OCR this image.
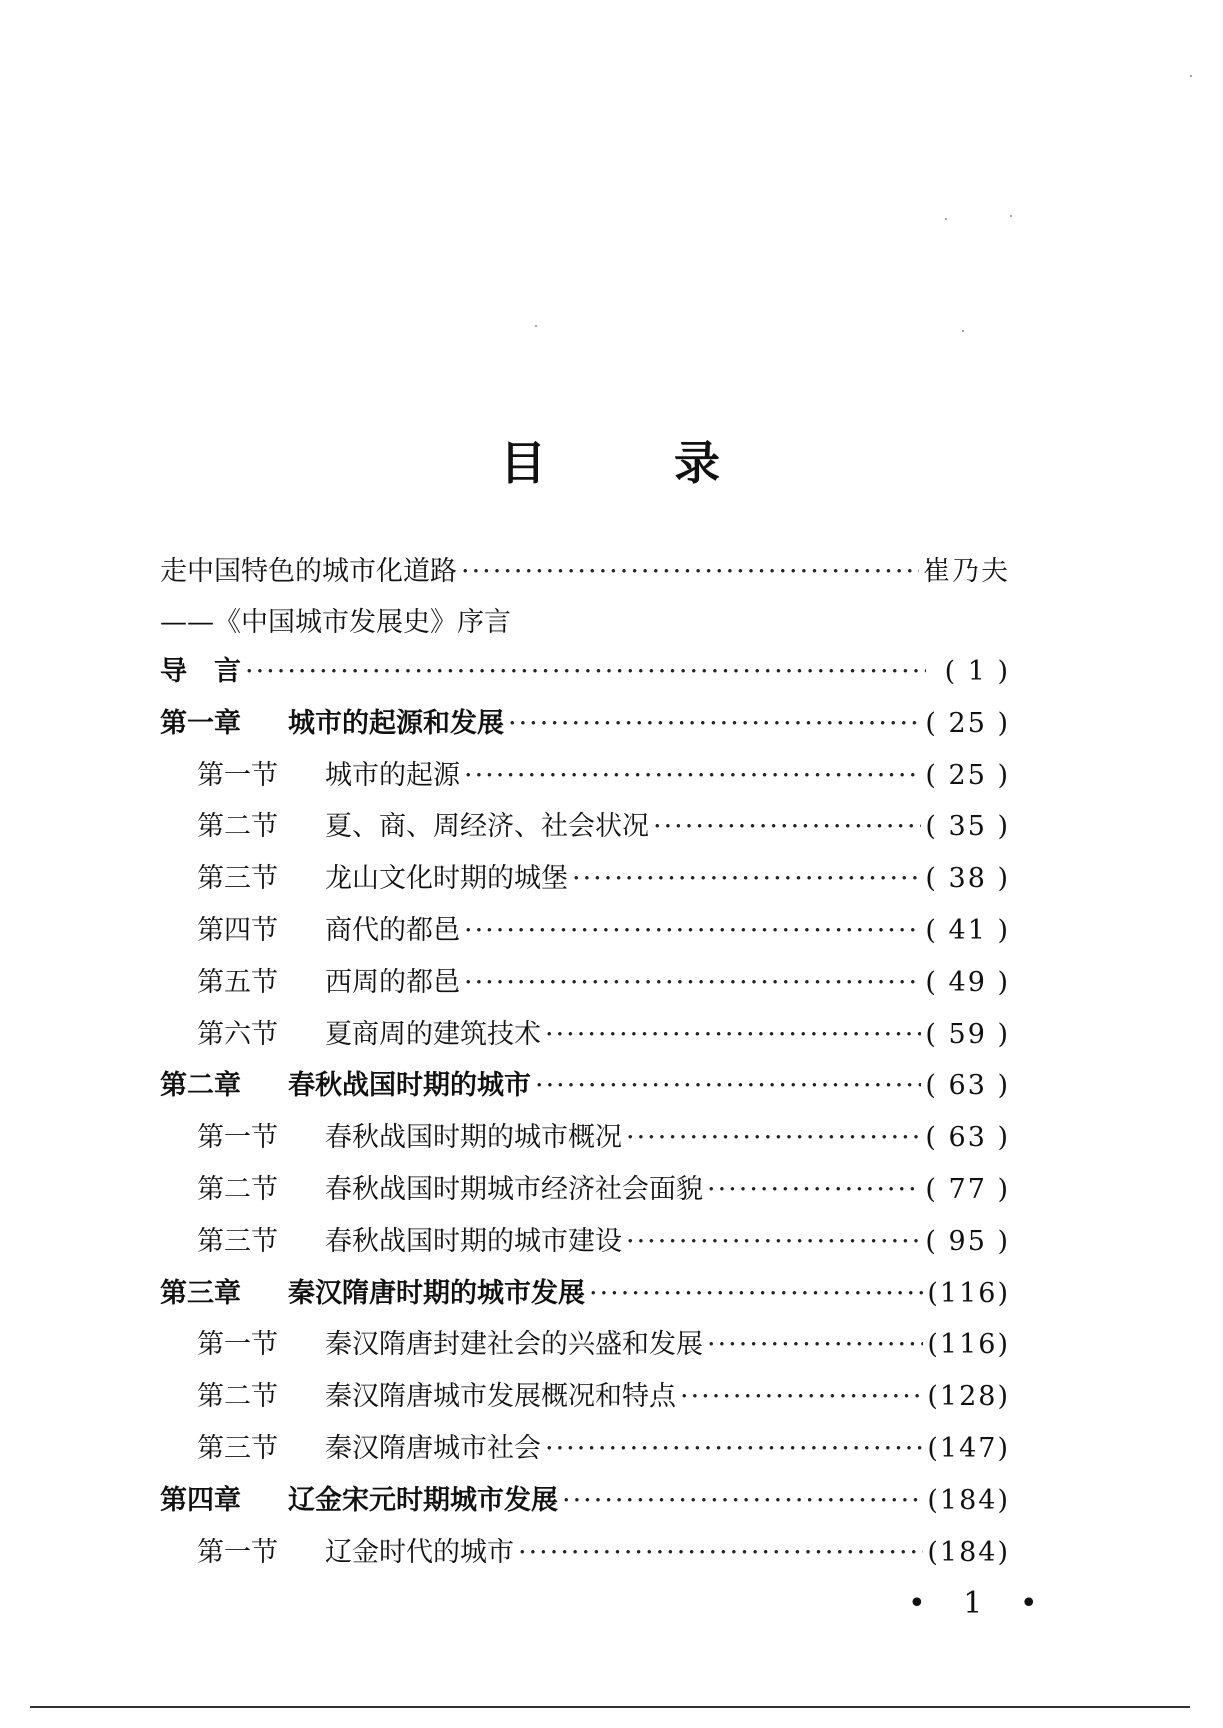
目	录
走中国特色的城市化道路 ·····	崔乃夫
——《中国城市发展史》序言
导　言 ·····	( 1 )
第一章	城市的起源和发展 ·····	( 25 )
第一节	城市的起源 ·····	( 25 )
第二节	夏、商、周经济、社会状况 ·····	( 35 )
第三节	龙山文化时期的城堡 ·····	( 38 )
第四节	商代的都邑 ·····	( 41 )
第五节	西周的都邑 ·····	( 49 )
第六节	夏商周的建筑技术 ·····	( 59 )
第二章	春秋战国时期的城市 ·····	( 63 )
第一节	春秋战国时期的城市概况 ·····	( 63 )
第二节	春秋战国时期城市经济社会面貌 ·····	( 77 )
第三节	春秋战国时期的城市建设 ·····	( 95 )
第三章	秦汉隋唐时期的城市发展 ·····	(116)
第一节	秦汉隋唐封建社会的兴盛和发展 ·····	(116)
第二节	秦汉隋唐城市发展概况和特点 ·····	(128)
第三节	秦汉隋唐城市社会 ·····	(147)
第四章	辽金宋元时期城市发展 ·····	(184)
第一节	辽金时代的城市 ·····	(184)
• 1 •
